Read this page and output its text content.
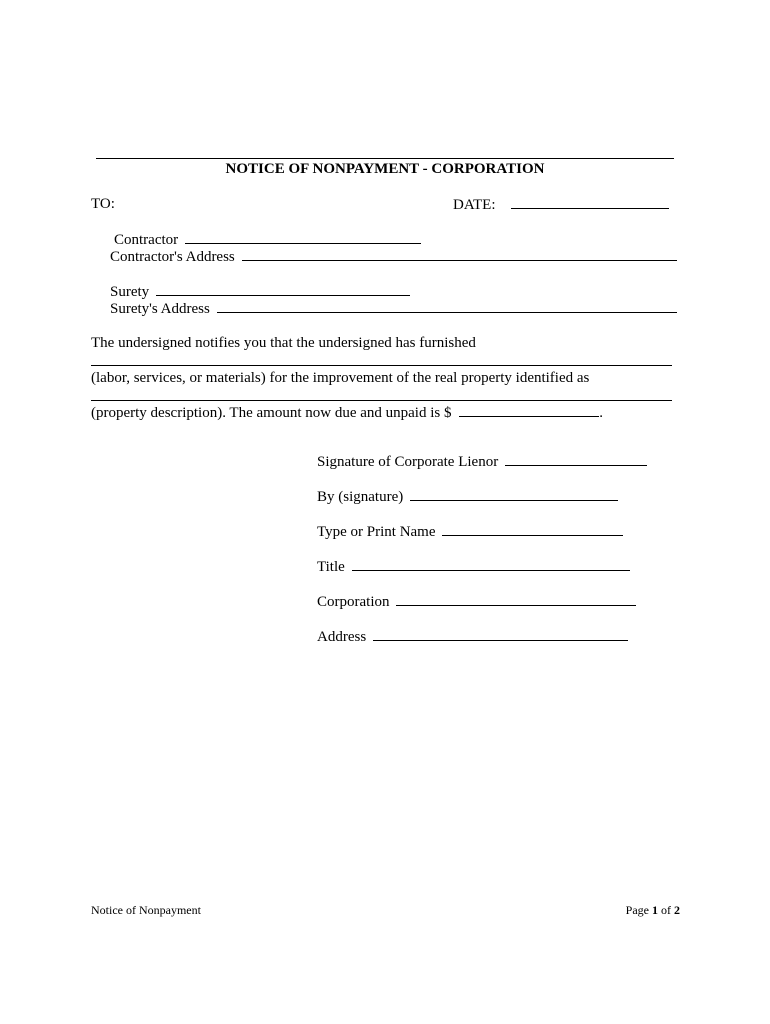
NOTICE OF NONPAYMENT - CORPORATION
TO:	DATE:
Contractor
Contractor's Address
Surety
Surety's Address
The undersigned notifies you that the undersigned has furnished
(labor, services, or materials) for the improvement of the real property identified as
(property description). The amount now due and unpaid is $	.
Signature of Corporate Lienor
By (signature)
Type or Print Name
Title
Corporation
Address
Notice of Nonpayment	Page 1 of 2
